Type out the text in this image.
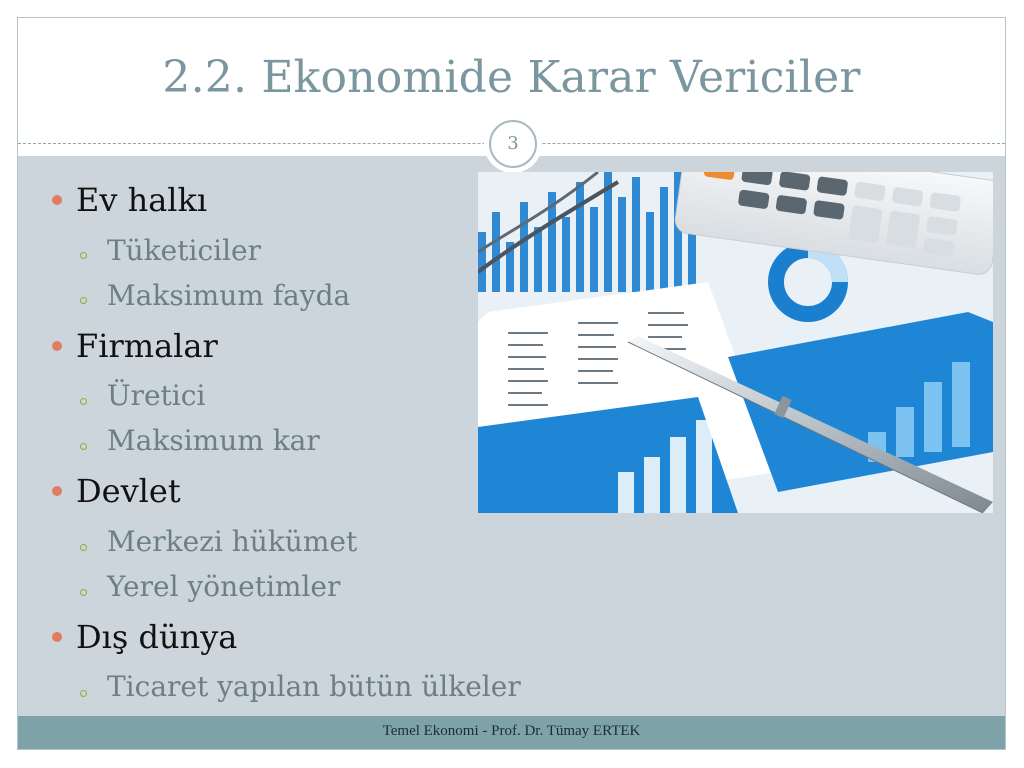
2.2. Ekonomide Karar Vericiler
3
Ev halkı
Tüketiciler
Maksimum fayda
Firmalar
Üretici
Maksimum kar
Devlet
Merkezi hükümet
Yerel yönetimler
Dış dünya
Ticaret yapılan bütün ülkeler
Temel Ekonomi - Prof. Dr. Tümay ERTEK
